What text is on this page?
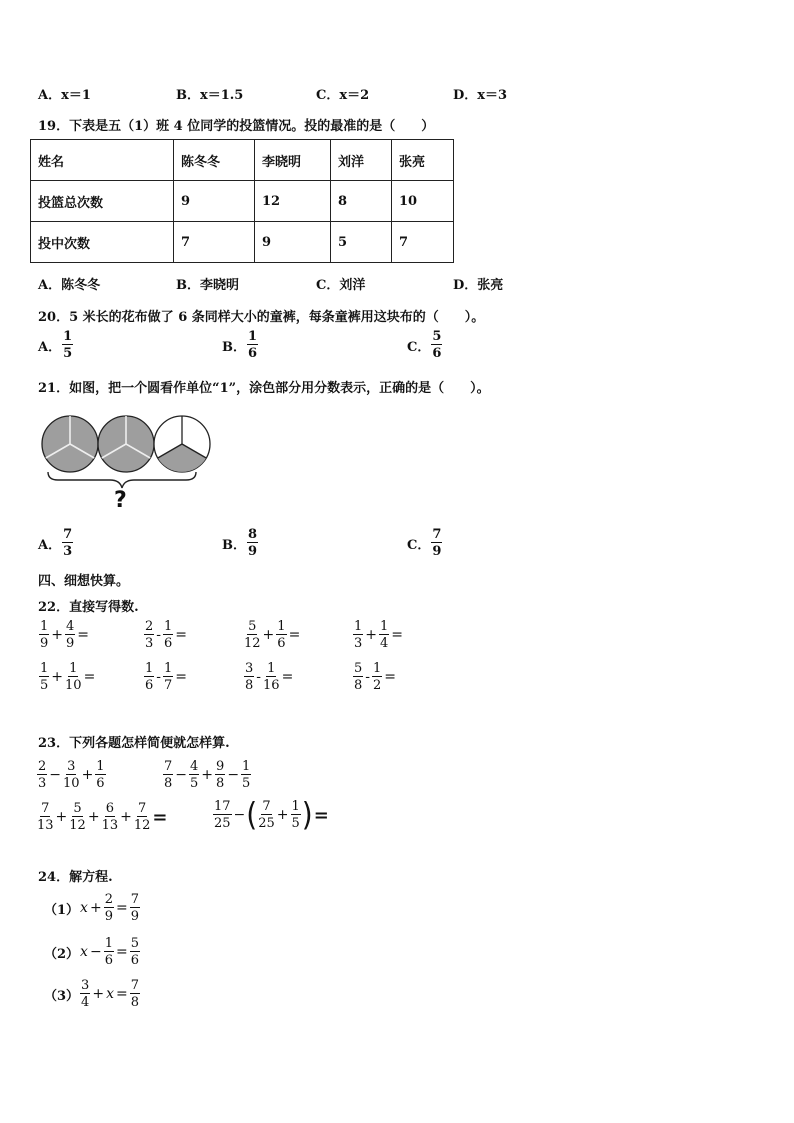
A．x＝1	B．x＝1.5	C．x＝2	D．x＝3
19．下表是五（1）班 4 位同学的投篮情况。投的最准的是（　　）
姓名	陈冬冬	李晓明	刘洋	张亮
投篮总次数	9	12	8	10
投中次数	7	9	5	7
A．陈冬冬	B．李晓明	C．刘洋	D．张亮
20．5 米长的花布做了 6 条同样大小的童裤，每条童裤用这块布的（　　）。
A． $\frac{1}{5}$	B． $\frac{1}{6}$	C． $\frac{5}{6}$
21．如图，把一个圆看作单位“1”，涂色部分用分数表示，正确的是（　　）。
?
A． $\frac{7}{3}$	B． $\frac{8}{9}$	C． $\frac{7}{9}$
四、细想快算。
22．直接写得数.
$\frac{1}{9} + \frac{4}{9}$ =	$\frac{2}{3} - \frac{1}{6}$ =	$\frac{5}{12} + \frac{1}{6}$ =	$\frac{1}{3} + \frac{1}{4}$ =
$\frac{1}{5} + \frac{1}{10}$ =	$\frac{1}{6} - \frac{1}{7}$ =	$\frac{3}{8} - \frac{1}{16}$ =	$\frac{5}{8} - \frac{1}{2}$ =
23．下列各题怎样简便就怎样算.
$\frac{2}{3} - \frac{3}{10} + \frac{1}{6}$	$\frac{7}{8} - \frac{4}{5} + \frac{9}{8} - \frac{1}{5}$
$\frac{7}{13} + \frac{5}{12} + \frac{6}{13} + \frac{7}{12}$ =	$\frac{17}{25}$ − ( $\frac{7}{25} + \frac{1}{5}$ ) =
24．解方程.
（1） $x + \frac{2}{9} = \frac{7}{9}$
（2） $x - \frac{1}{6} = \frac{5}{6}$
$(3) \frac{3}{4} + x = \frac{7}{8}$
